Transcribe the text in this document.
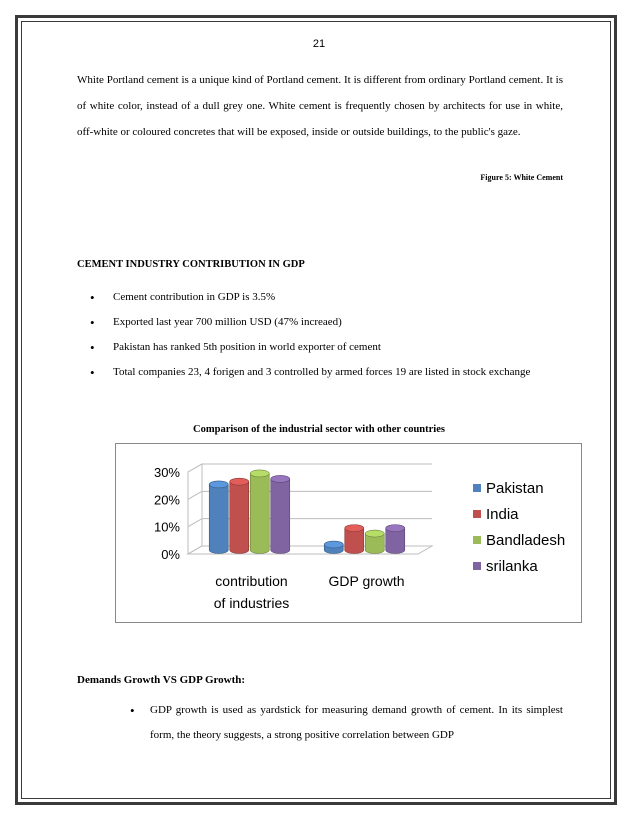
21

White Portland cement is a unique kind of Portland cement. It is different from ordinary Portland cement. It is of white color, instead of a dull grey one. White cement is frequently chosen by architects for use in white, off-white or coloured concretes that will be exposed, inside or outside buildings, to the public's gaze.

Figure 5: White Cement
CEMENT INDUSTRY CONTRIBUTION IN GDP
• Cement contribution in GDP is 3.5%
• Exported last year 700 million USD (47% increaed)
• Pakistan has ranked 5th position in world exporter of cement
• Total companies 23, 4 forigen and 3 controlled by armed forces 19 are listed in stock exchange
Comparison of the industrial sector with other countries
0%
10%
20%
30%
contribution
of industries
GDP growth
Pakistan
India
Bandladesh
srilanka
Demands Growth VS GDP Growth:
• GDP growth is used as yardstick for measuring demand growth of cement. In its simplest form, the theory suggests, a strong positive correlation between GDP
